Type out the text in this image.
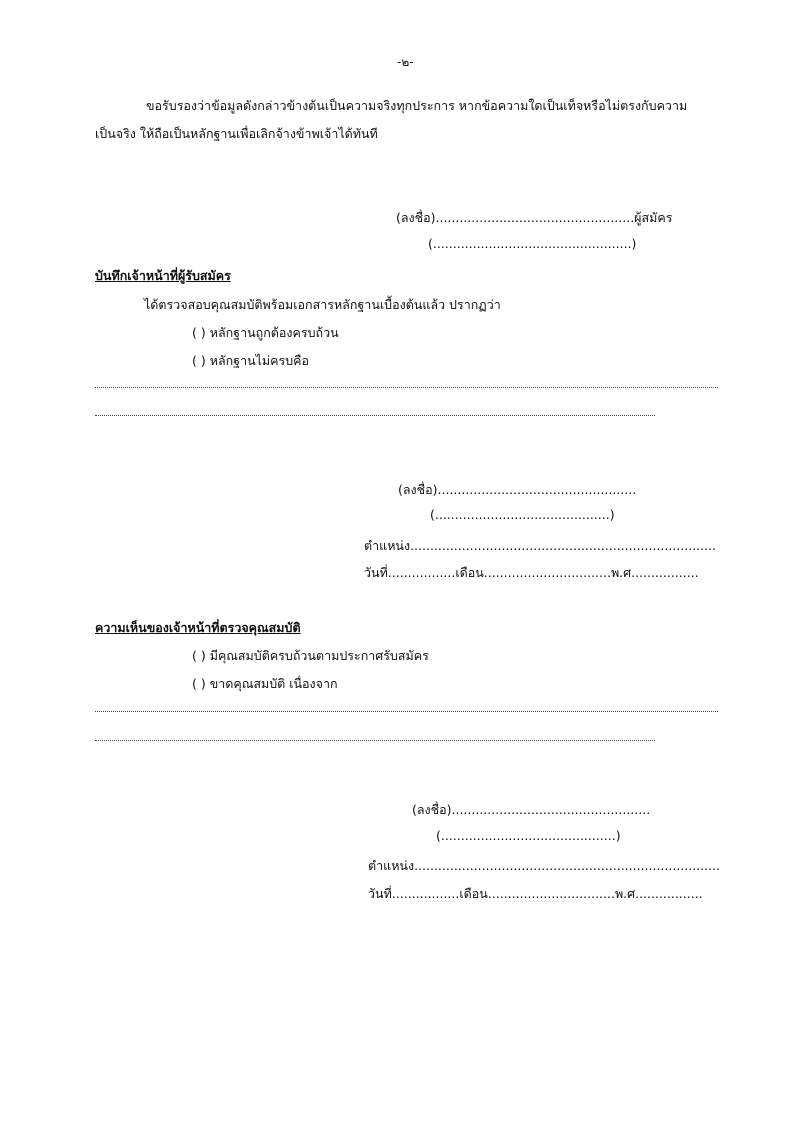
-๒-
ขอรับรองว่าข้อมูลดังกล่าวข้างต้นเป็นความจริงทุกประการ หากข้อความใดเป็นเท็จหรือไม่ตรงกับความ
เป็นจริง ให้ถือเป็นหลักฐานเพื่อเลิกจ้างข้าพเจ้าได้ทันที
(ลงชื่อ)..................................................ผู้สมัคร
(..................................................)
บันทึกเจ้าหน้าที่ผู้รับสมัคร
ได้ตรวจสอบคุณสมบัติพร้อมเอกสารหลักฐานเบื้องต้นแล้ว ปรากฏว่า
( ) หลักฐานถูกต้องครบถ้วน
( ) หลักฐานไม่ครบคือ
(ลงชื่อ)..................................................
(............................................)
ตำแหน่ง.............................................................................
วันที่.................เดือน................................พ.ศ.................
ความเห็นของเจ้าหน้าที่ตรวจคุณสมบัติ
( ) มีคุณสมบัติครบถ้วนตามประกาศรับสมัคร
( ) ขาดคุณสมบัติ เนื่องจาก
(ลงชื่อ)..................................................
(............................................)
ตำแหน่ง.............................................................................
วันที่.................เดือน................................พ.ศ.................
